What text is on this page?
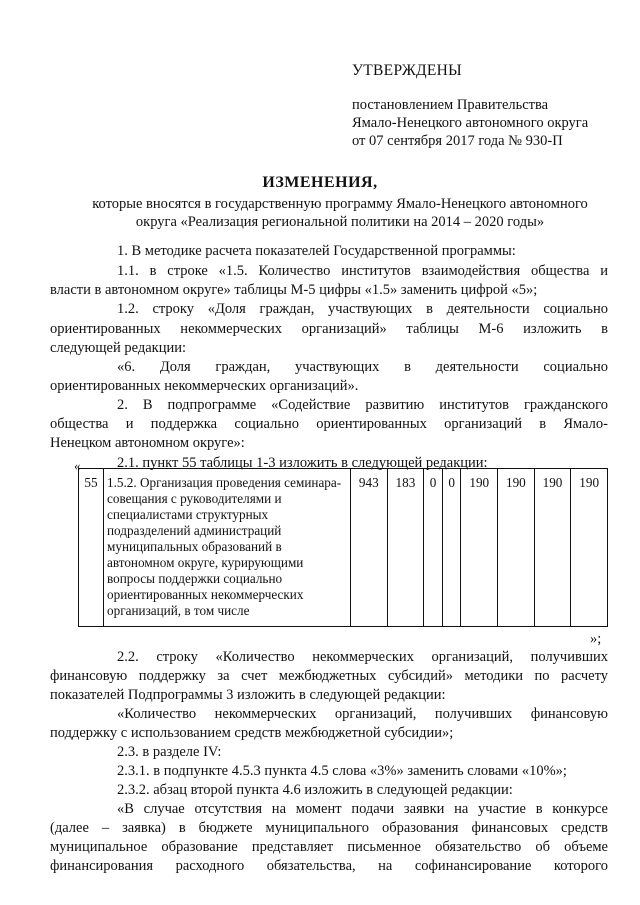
УТВЕРЖДЕНЫ
постановлением Правительства
Ямало-Ненецкого автономного округа
от 07 сентября 2017 года № 930-П
ИЗМЕНЕНИЯ,
которые вносятся в государственную программу Ямало-Ненецкого автономного
округа «Реализация региональной политики на 2014 – 2020 годы»
1. В методике расчета показателей Государственной программы:
1.1. в строке «1.5. Количество институтов взаимодействия общества и
власти в автономном округе» таблицы М-5 цифры «1.5» заменить цифрой «5»;
1.2. строку «Доля граждан, участвующих в деятельности социально
ориентированных некоммерческих организаций» таблицы М-6 изложить в
следующей редакции:
«6. Доля граждан, участвующих в деятельности социально
ориентированных некоммерческих организаций».
2. В подпрограмме «Содействие развитию институтов гражданского
общества и поддержка социально ориентированных организаций в Ямало-
Ненецком автономном округе»:
2.1. пункт 55 таблицы 1-3 изложить в следующей редакции:
«
55	1.5.2. Организация проведения семинара-совещания с руководителями и специалистами структурных подразделений администраций муниципальных образований в автономном округе, курирующими вопросы поддержки социально ориентированных некоммерческих организаций, в том числе	943	183	0	0	190	190	190	190
»;
2.2. строку «Количество некоммерческих организаций, получивших
финансовую поддержку за счет межбюджетных субсидий» методики по расчету
показателей Подпрограммы 3 изложить в следующей редакции:
«Количество некоммерческих организаций, получивших финансовую
поддержку с использованием средств межбюджетной субсидии»;
2.3. в разделе IV:
2.3.1. в подпункте 4.5.3 пункта 4.5 слова «3%» заменить словами «10%»;
2.3.2. абзац второй пункта 4.6 изложить в следующей редакции:
«В случае отсутствия на момент подачи заявки на участие в конкурсе
(далее – заявка) в бюджете муниципального образования финансовых средств
муниципальное образование представляет письменное обязательство об объеме
финансирования расходного обязательства, на софинансирование которого
